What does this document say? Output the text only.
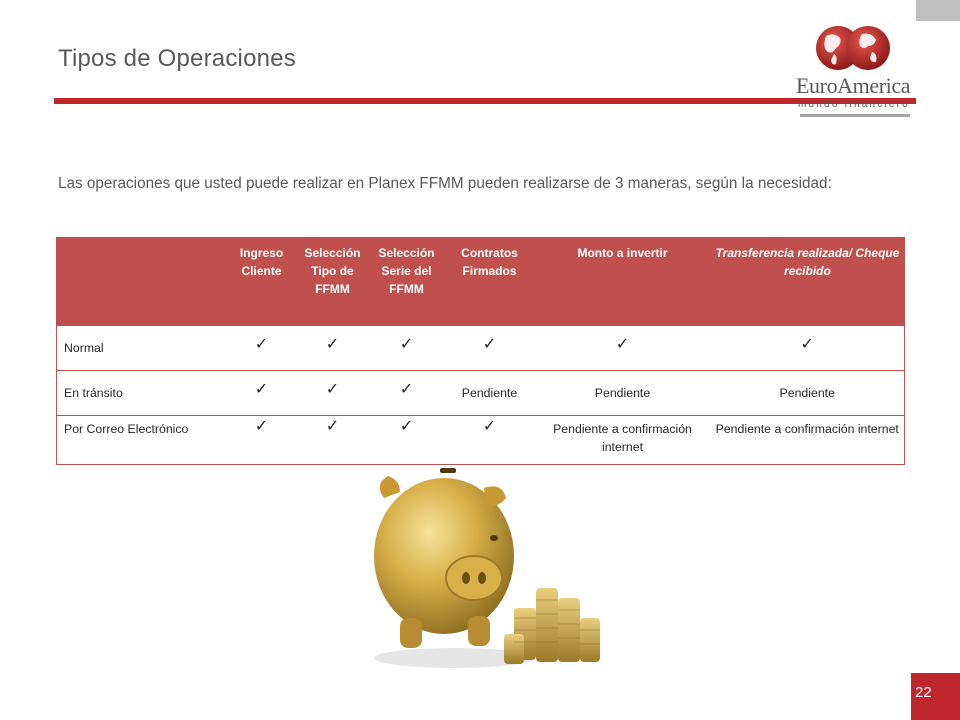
Tipos de Operaciones
EuroAmerica
mundo financiero
Las operaciones que usted puede realizar en Planex FFMM pueden realizarse de 3 maneras, según la necesidad:
	Ingreso Cliente	Selección Tipo de FFMM	Selección Serie del FFMM	Contratos Firmados	Monto a invertir	Transferencia realizada/ Cheque recibido
Normal	✓	✓	✓	✓	✓	✓
En tránsito	✓	✓	✓	Pendiente	Pendiente	Pendiente
Por Correo Electrónico	✓	✓	✓	✓	Pendiente a confirmación internet	Pendiente a confirmación internet
22
